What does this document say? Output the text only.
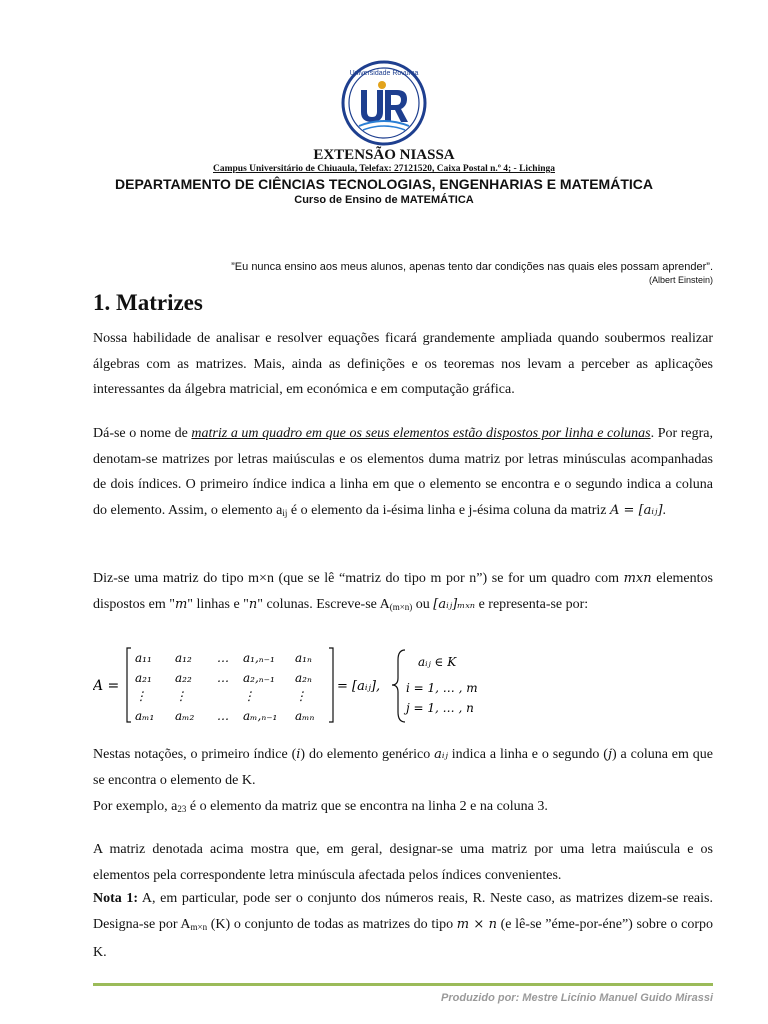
Universidade Rovuma
EXTENSÃO NIASSA
Campus Universitário de Chiuaula, Telefax: 27121520, Caixa Postal n.º 4; - Lichinga
DEPARTAMENTO DE CIÊNCIAS TECNOLOGIAS, ENGENHARIAS E MATEMÁTICA
Curso de Ensino de MATEMÁTICA
”Eu nunca ensino aos meus alunos, apenas tento dar condições nas quais eles possam aprender”.
(Albert Einstein)
1. Matrizes

Nossa habilidade de analisar e resolver equações ficará grandemente ampliada quando soubermos realizar álgebras com as matrizes. Mais, ainda as definições e os teoremas nos levam a perceber as aplicações interessantes da álgebra matricial, em económica e em computação gráfica.

Dá-se o nome de matriz a um quadro em que os seus elementos estão dispostos por linha e colunas. Por regra, denotam-se matrizes por letras maiúsculas e os elementos duma matriz por letras minúsculas acompanhadas de dois índices. O primeiro índice indica a linha em que o elemento se encontra e o segundo indica a coluna do elemento. Assim, o elemento $a_{ij}$ é o elemento da i-ésima linha e j-ésima coluna da matriz A = [aᵢⱼ].

Diz-se uma matriz do tipo m×n (que se lê “matriz do tipo m por n”) se for um quadro com mxn elementos dispostos em "m" linhas e "n" colunas. Escreve-se $A_{(m\times n)}$ ou [aᵢⱼ]ₘₓₙ e representa-se por:

A =
a₁₁ a₁₂ … a₁,ₙ₋₁ a₁ₙ
a₂₁ a₂₂ … a₂,ₙ₋₁ a₂ₙ
⋮ ⋮	⋮	⋮
aₘ₁ aₘ₂ … aₘ,ₙ₋₁ aₘₙ
= [aᵢⱼ],
aᵢⱼ ∈ K
i = 1, … , m
j = 1, … , n

Nestas notações, o primeiro índice (i) do elemento genérico aᵢⱼ indica a linha e o segundo (j) a coluna em que se encontra o elemento de K.

Por exemplo, $a_{23}$ é o elemento da matriz que se encontra na linha 2 e na coluna 3.

A matriz denotada acima mostra que, em geral, designar-se uma matriz por uma letra maiúscula e os elementos pela correspondente letra minúscula afectada pelos índices convenientes.

Nota 1: A, em particular, pode ser o conjunto dos números reais, R. Neste caso, as matrizes dizem-se reais. Designa-se por $A_{m\times n}$ (K) o conjunto de todas as matrizes do tipo m × n (e lê-se ”éme-por-éne”) sobre o corpo K.

Produzido por: Mestre Licínio Manuel Guido Mirassi
